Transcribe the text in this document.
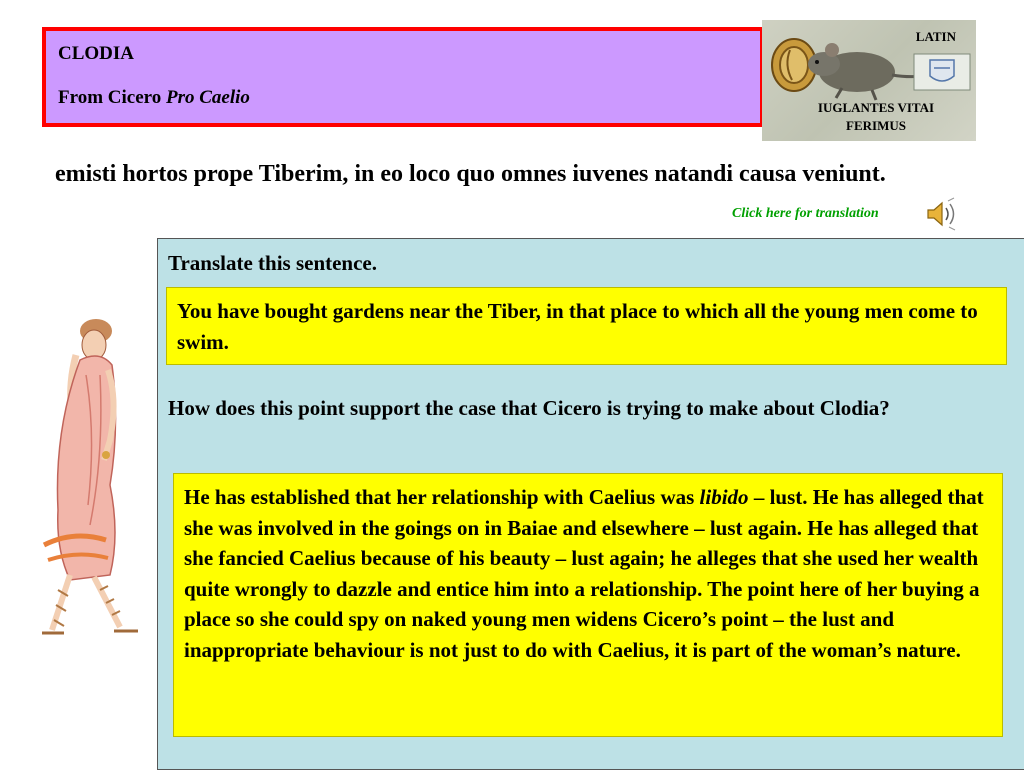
CLODIA
From Cicero Pro Caelio
LATIN
IUGLANTES VITAI FERIMUS
emisti hortos prope Tiberim, in eo loco quo omnes iuvenes natandi causa veniunt.
Click here for translation
Translate this sentence.
You have bought gardens near the Tiber, in that place to which all the young men come to swim.
How does this point support the case that Cicero is trying to make about Clodia?
He has established that her relationship with Caelius was libido – lust. He has alleged that she was involved in the goings on in Baiae and elsewhere – lust again. He has alleged that she fancied Caelius because of his beauty – lust again; he alleges that she used her wealth quite wrongly to dazzle and entice him into a relationship. The point here of her buying a place so she could spy on naked young men widens Cicero’s point – the lust and inappropriate behaviour is not just to do with Caelius, it is part of the woman’s nature.
